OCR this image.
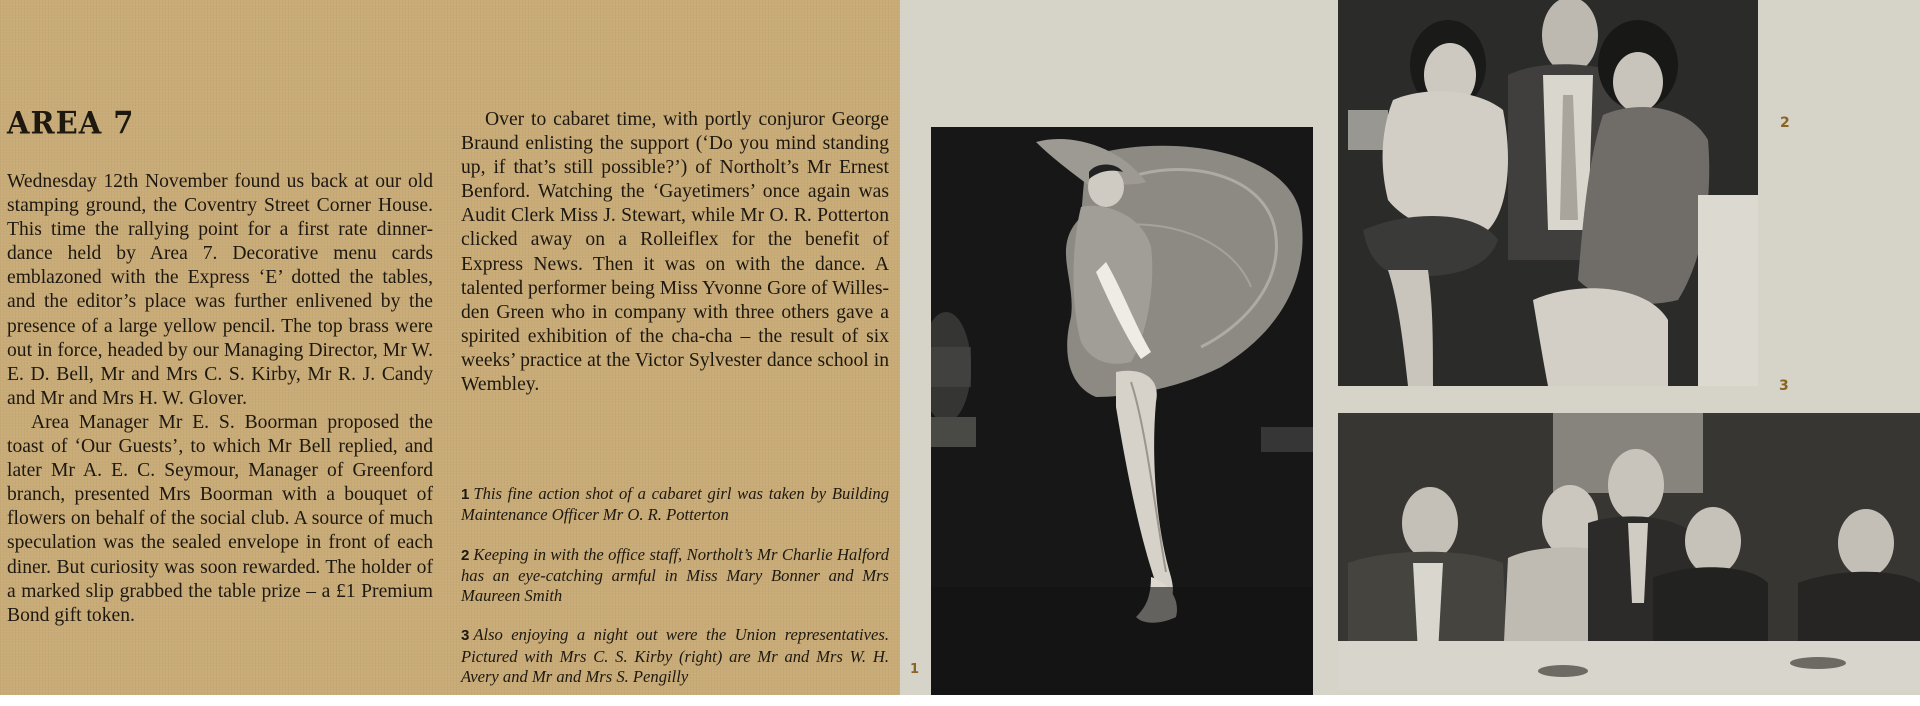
AREA 7

Wednesday 12th November found us back at our old stamping ground, the Coventry Street Corner House. This time the rallying point for a first rate dinner-dance held by Area 7. Decorative menu cards emblazoned with the Express ‘E’ dotted the tables, and the editor’s place was further enlivened by the presence of a large yellow pencil. The top brass were out in force, headed by our Managing Director, Mr W. E. D. Bell, Mr and Mrs C. S. Kirby, Mr R. J. Candy and Mr and Mrs H. W. Glover.

Area Manager Mr E. S. Boorman proposed the toast of ‘Our Guests’, to which Mr Bell replied, and later Mr A. E. C. Seymour, Manager of Greenford branch, presented Mrs Boorman with a bouquet of flowers on behalf of the social club. A source of much speculation was the sealed envelope in front of each diner. But curiosity was soon rewarded. The holder of a marked slip grabbed the table prize – a £1 Premium Bond gift token.

Over to cabaret time, with portly conjuror George Braund enlisting the support (‘Do you mind standing up, if that’s still possible?’) of Northolt’s Mr Ernest Benford. Watching the ‘Gayetimers’ once again was Audit Clerk Miss J. Stewart, while Mr O. R. Potterton clicked away on a Rolleiflex for the benefit of Express News. Then it was on with the dance. A talented performer being Miss Yvonne Gore of Willesden Green who in company with three others gave a spirited exhibition of the cha-cha – the result of six weeks’ practice at the Victor Sylvester dance school in Wembley.

1 This fine action shot of a cabaret girl was taken by Building Maintenance Officer Mr O. R. Potterton

2 Keeping in with the office staff, Northolt’s Mr Charlie Halford has an eye-catching armful in Miss Mary Bonner and Mrs Maureen Smith

3 Also enjoying a night out were the Union representatives. Pictured with Mrs C. S. Kirby (right) are Mr and Mrs W. H. Avery and Mr and Mrs S. Pengilly	1
2
3
